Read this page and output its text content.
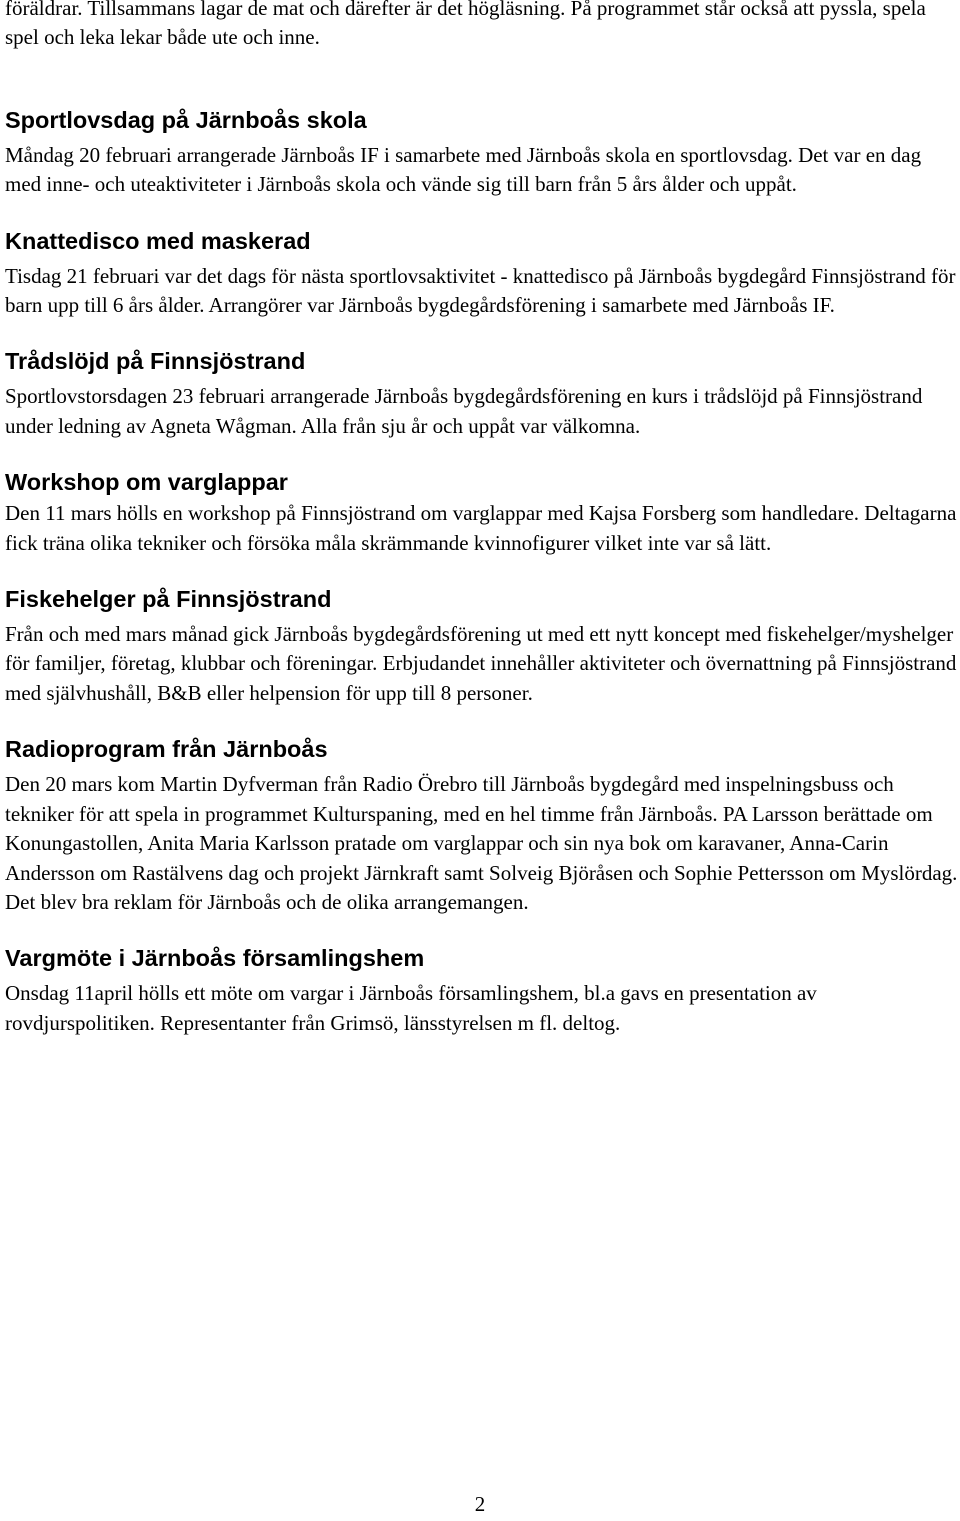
föräldrar. Tillsammans lagar de mat och därefter är det högläsning. På programmet står också att pyssla, spela spel och leka lekar både ute och inne.

Sportlovsdag på Järnboås skola

Måndag 20 februari arrangerade Järnboås IF i samarbete med Järnboås skola en sportlovsdag. Det var en dag med inne- och uteaktiviteter i Järnboås skola och vände sig till barn från 5 års ålder och uppåt.

Knattedisco med maskerad

Tisdag 21 februari var det dags för nästa sportlovsaktivitet - knattedisco på Järnboås bygdegård Finnsjöstrand för barn upp till 6 års ålder. Arrangörer var Järnboås bygdegårdsförening i samarbete med Järnboås IF.

Trådslöjd på Finnsjöstrand

Sportlovstorsdagen 23 februari arrangerade Järnboås bygdegårdsförening en kurs i trådslöjd på Finnsjöstrand under ledning av Agneta Wågman. Alla från sju år och uppåt var välkomna.

Workshop om varglappar

Den 11 mars hölls en workshop på Finnsjöstrand om varglappar med Kajsa Forsberg som handledare. Deltagarna fick träna olika tekniker och försöka måla skrämmande kvinnofigurer vilket inte var så lätt.

Fiskehelger på Finnsjöstrand

Från och med mars månad gick Järnboås bygdegårdsförening ut med ett nytt koncept med fiskehelger/myshelger för familjer, företag, klubbar och föreningar. Erbjudandet innehåller aktiviteter och övernattning på Finnsjöstrand med självhushåll, B&B eller helpension för upp till 8 personer.

Radioprogram från Järnboås

Den 20 mars kom Martin Dyfverman från Radio Örebro till Järnboås bygdegård med inspelningsbuss och tekniker för att spela in programmet Kulturspaning, med en hel timme från Järnboås. PA Larsson berättade om Konungastollen, Anita Maria Karlsson pratade om varglappar och sin nya bok om karavaner, Anna-Carin Andersson om Rastälvens dag och projekt Järnkraft samt Solveig Björåsen och Sophie Pettersson om Myslördag. Det blev bra reklam för Järnboås och de olika arrangemangen.

Vargmöte i Järnboås församlingshem

Onsdag 11april hölls ett möte om vargar i Järnboås församlingshem, bl.a gavs en presentation av rovdjurspolitiken. Representanter från Grimsö, länsstyrelsen m fl. deltog.

2
